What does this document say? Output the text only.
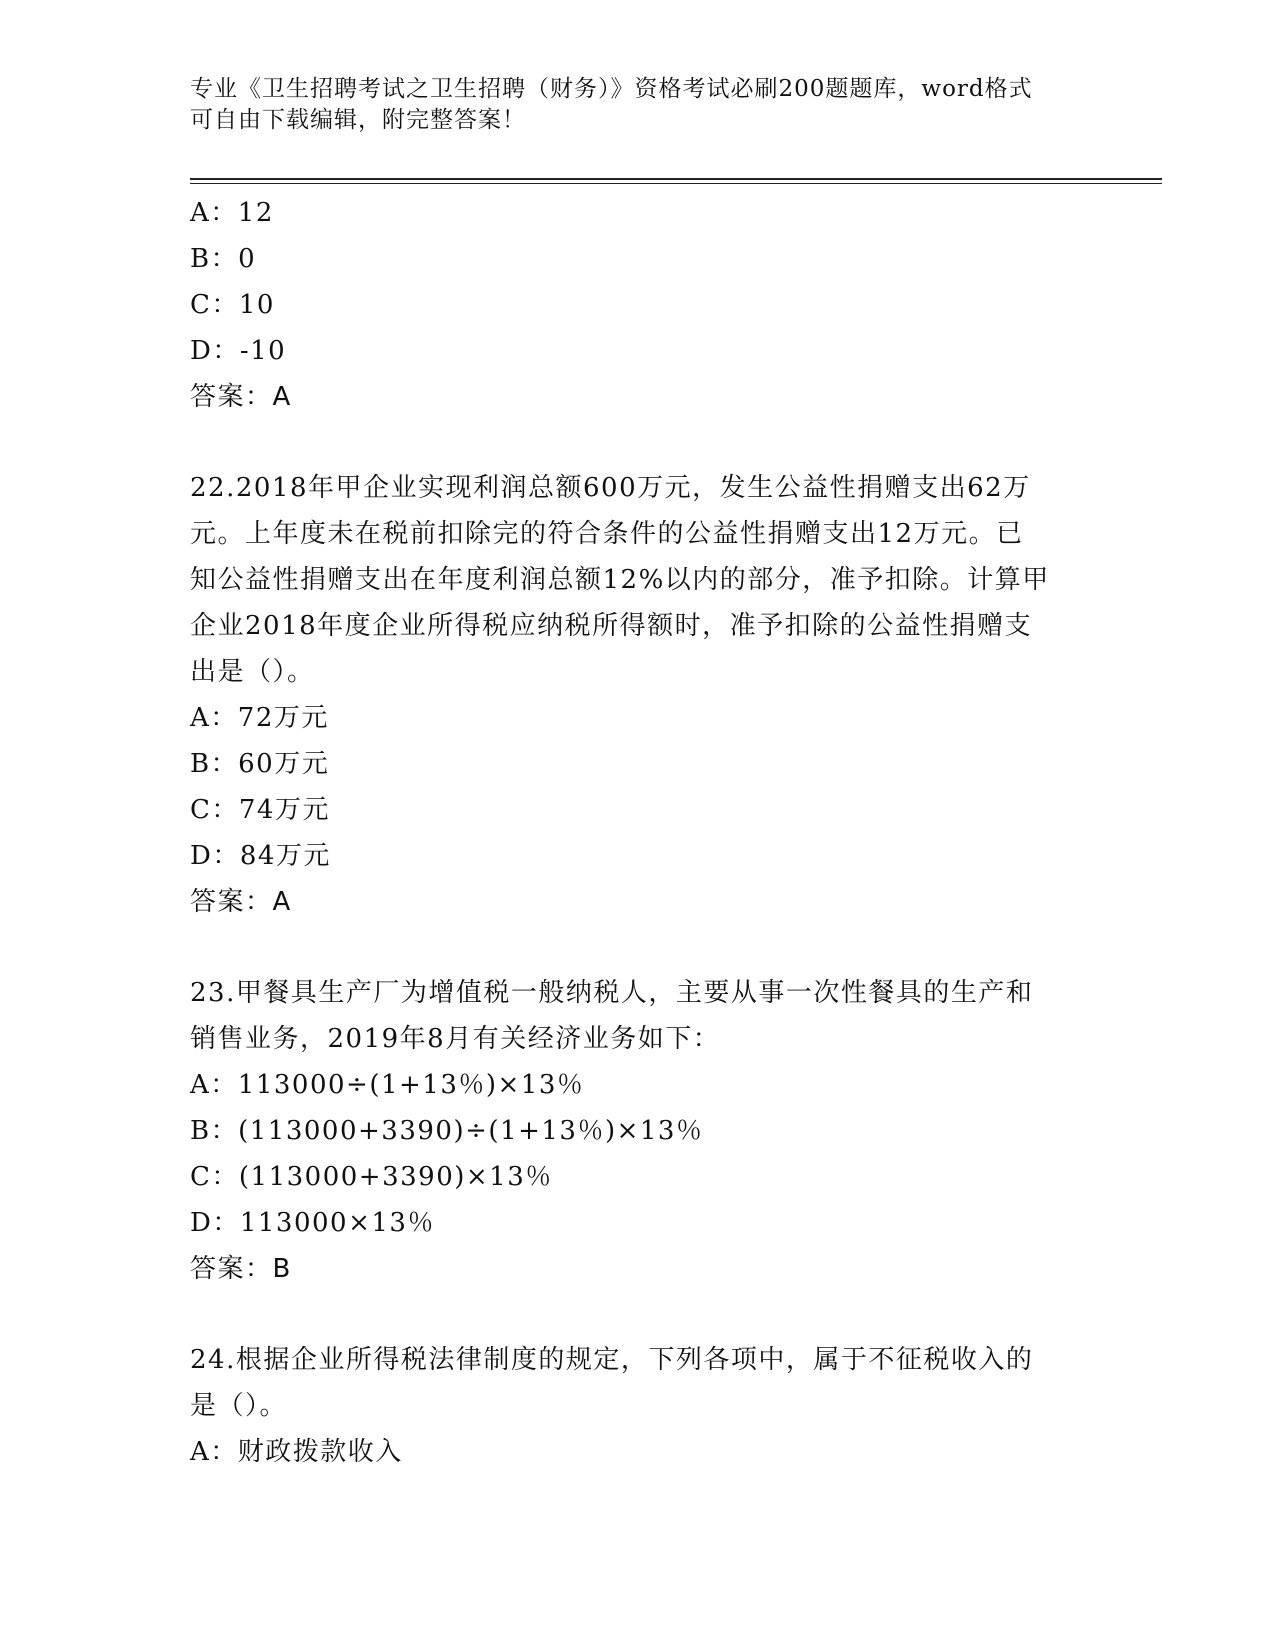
专业《卫生招聘考试之卫生招聘（财务）》资格考试必刷200题题库，word格式
可自由下载编辑，附完整答案！
A：12
B：0
C：10
D：-10
答案：A
22.2018年甲企业实现利润总额600万元，发生公益性捐赠支出62万
元。上年度未在税前扣除完的符合条件的公益性捐赠支出12万元。已
知公益性捐赠支出在年度利润总额12%以内的部分，准予扣除。计算甲
企业2018年度企业所得税应纳税所得额时，准予扣除的公益性捐赠支
出是（）。
A：72万元
B：60万元
C：74万元
D：84万元
答案：A
23.甲餐具生产厂为增值税一般纳税人，主要从事一次性餐具的生产和
销售业务，2019年8月有关经济业务如下：
A：113000÷(1+13％)×13％
B：(113000+3390)÷(1+13％)×13％
C：(113000+3390)×13％
D：113000×13％
答案：B
24.根据企业所得税法律制度的规定，下列各项中，属于不征税收入的
是（）。
A：财政拨款收入
